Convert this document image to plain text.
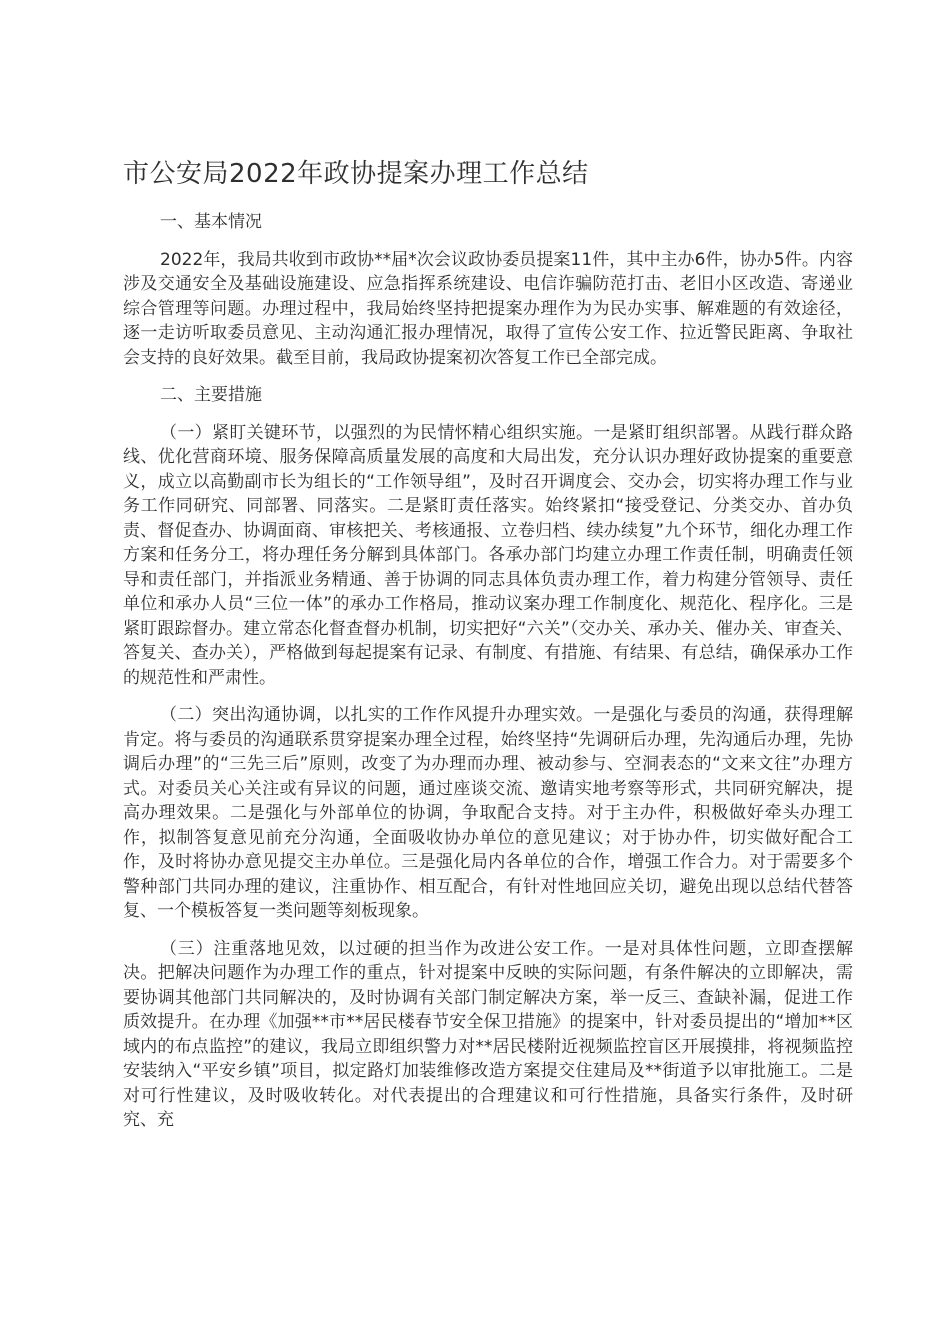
市公安局2022年政协提案办理工作总结

一、基本情况

2022年，我局共收到市政协**届*次会议政协委员提案11件，其中主办6件，协办5件。内容涉及交通安全及基础设施建设、应急指挥系统建设、电信诈骗防范打击、老旧小区改造、寄递业综合管理等问题。办理过程中，我局始终坚持把提案办理作为为民办实事、解难题的有效途径，逐一走访听取委员意见、主动沟通汇报办理情况，取得了宣传公安工作、拉近警民距离、争取社会支持的良好效果。截至目前，我局政协提案初次答复工作已全部完成。

二、主要措施

（一）紧盯关键环节，以强烈的为民情怀精心组织实施。一是紧盯组织部署。从践行群众路线、优化营商环境、服务保障高质量发展的高度和大局出发，充分认识办理好政协提案的重要意义，成立以高勤副市长为组长的“工作领导组”，及时召开调度会、交办会，切实将办理工作与业务工作同研究、同部署、同落实。二是紧盯责任落实。始终紧扣“接受登记、分类交办、首办负责、督促查办、协调面商、审核把关、考核通报、立卷归档、续办续复”九个环节，细化办理工作方案和任务分工，将办理任务分解到具体部门。各承办部门均建立办理工作责任制，明确责任领导和责任部门，并指派业务精通、善于协调的同志具体负责办理工作，着力构建分管领导、责任单位和承办人员“三位一体”的承办工作格局，推动议案办理工作制度化、规范化、程序化。三是紧盯跟踪督办。建立常态化督查督办机制，切实把好“六关”（交办关、承办关、催办关、审查关、答复关、查办关），严格做到每起提案有记录、有制度、有措施、有结果、有总结，确保承办工作的规范性和严肃性。

（二）突出沟通协调，以扎实的工作作风提升办理实效。一是强化与委员的沟通，获得理解肯定。将与委员的沟通联系贯穿提案办理全过程，始终坚持“先调研后办理，先沟通后办理，先协调后办理”的“三先三后”原则，改变了为办理而办理、被动参与、空洞表态的“文来文往”办理方式。对委员关心关注或有异议的问题，通过座谈交流、邀请实地考察等形式，共同研究解决，提高办理效果。二是强化与外部单位的协调，争取配合支持。对于主办件，积极做好牵头办理工作，拟制答复意见前充分沟通，全面吸收协办单位的意见建议；对于协办件，切实做好配合工作，及时将协办意见提交主办单位。三是强化局内各单位的合作，增强工作合力。对于需要多个警种部门共同办理的建议，注重协作、相互配合，有针对性地回应关切，避免出现以总结代替答复、一个模板答复一类问题等刻板现象。

（三）注重落地见效，以过硬的担当作为改进公安工作。一是对具体性问题，立即查摆解决。把解决问题作为办理工作的重点，针对提案中反映的实际问题，有条件解决的立即解决，需要协调其他部门共同解决的，及时协调有关部门制定解决方案，举一反三、查缺补漏，促进工作质效提升。在办理《加强**市**居民楼春节安全保卫措施》的提案中，针对委员提出的“增加**区域内的布点监控”的建议，我局立即组织警力对**居民楼附近视频监控盲区开展摸排，将视频监控安装纳入“平安乡镇”项目，拟定路灯加装维修改造方案提交住建局及**街道予以审批施工。二是对可行性建议，及时吸收转化。对代表提出的合理建议和可行性措施，具备实行条件，及时研究、充
